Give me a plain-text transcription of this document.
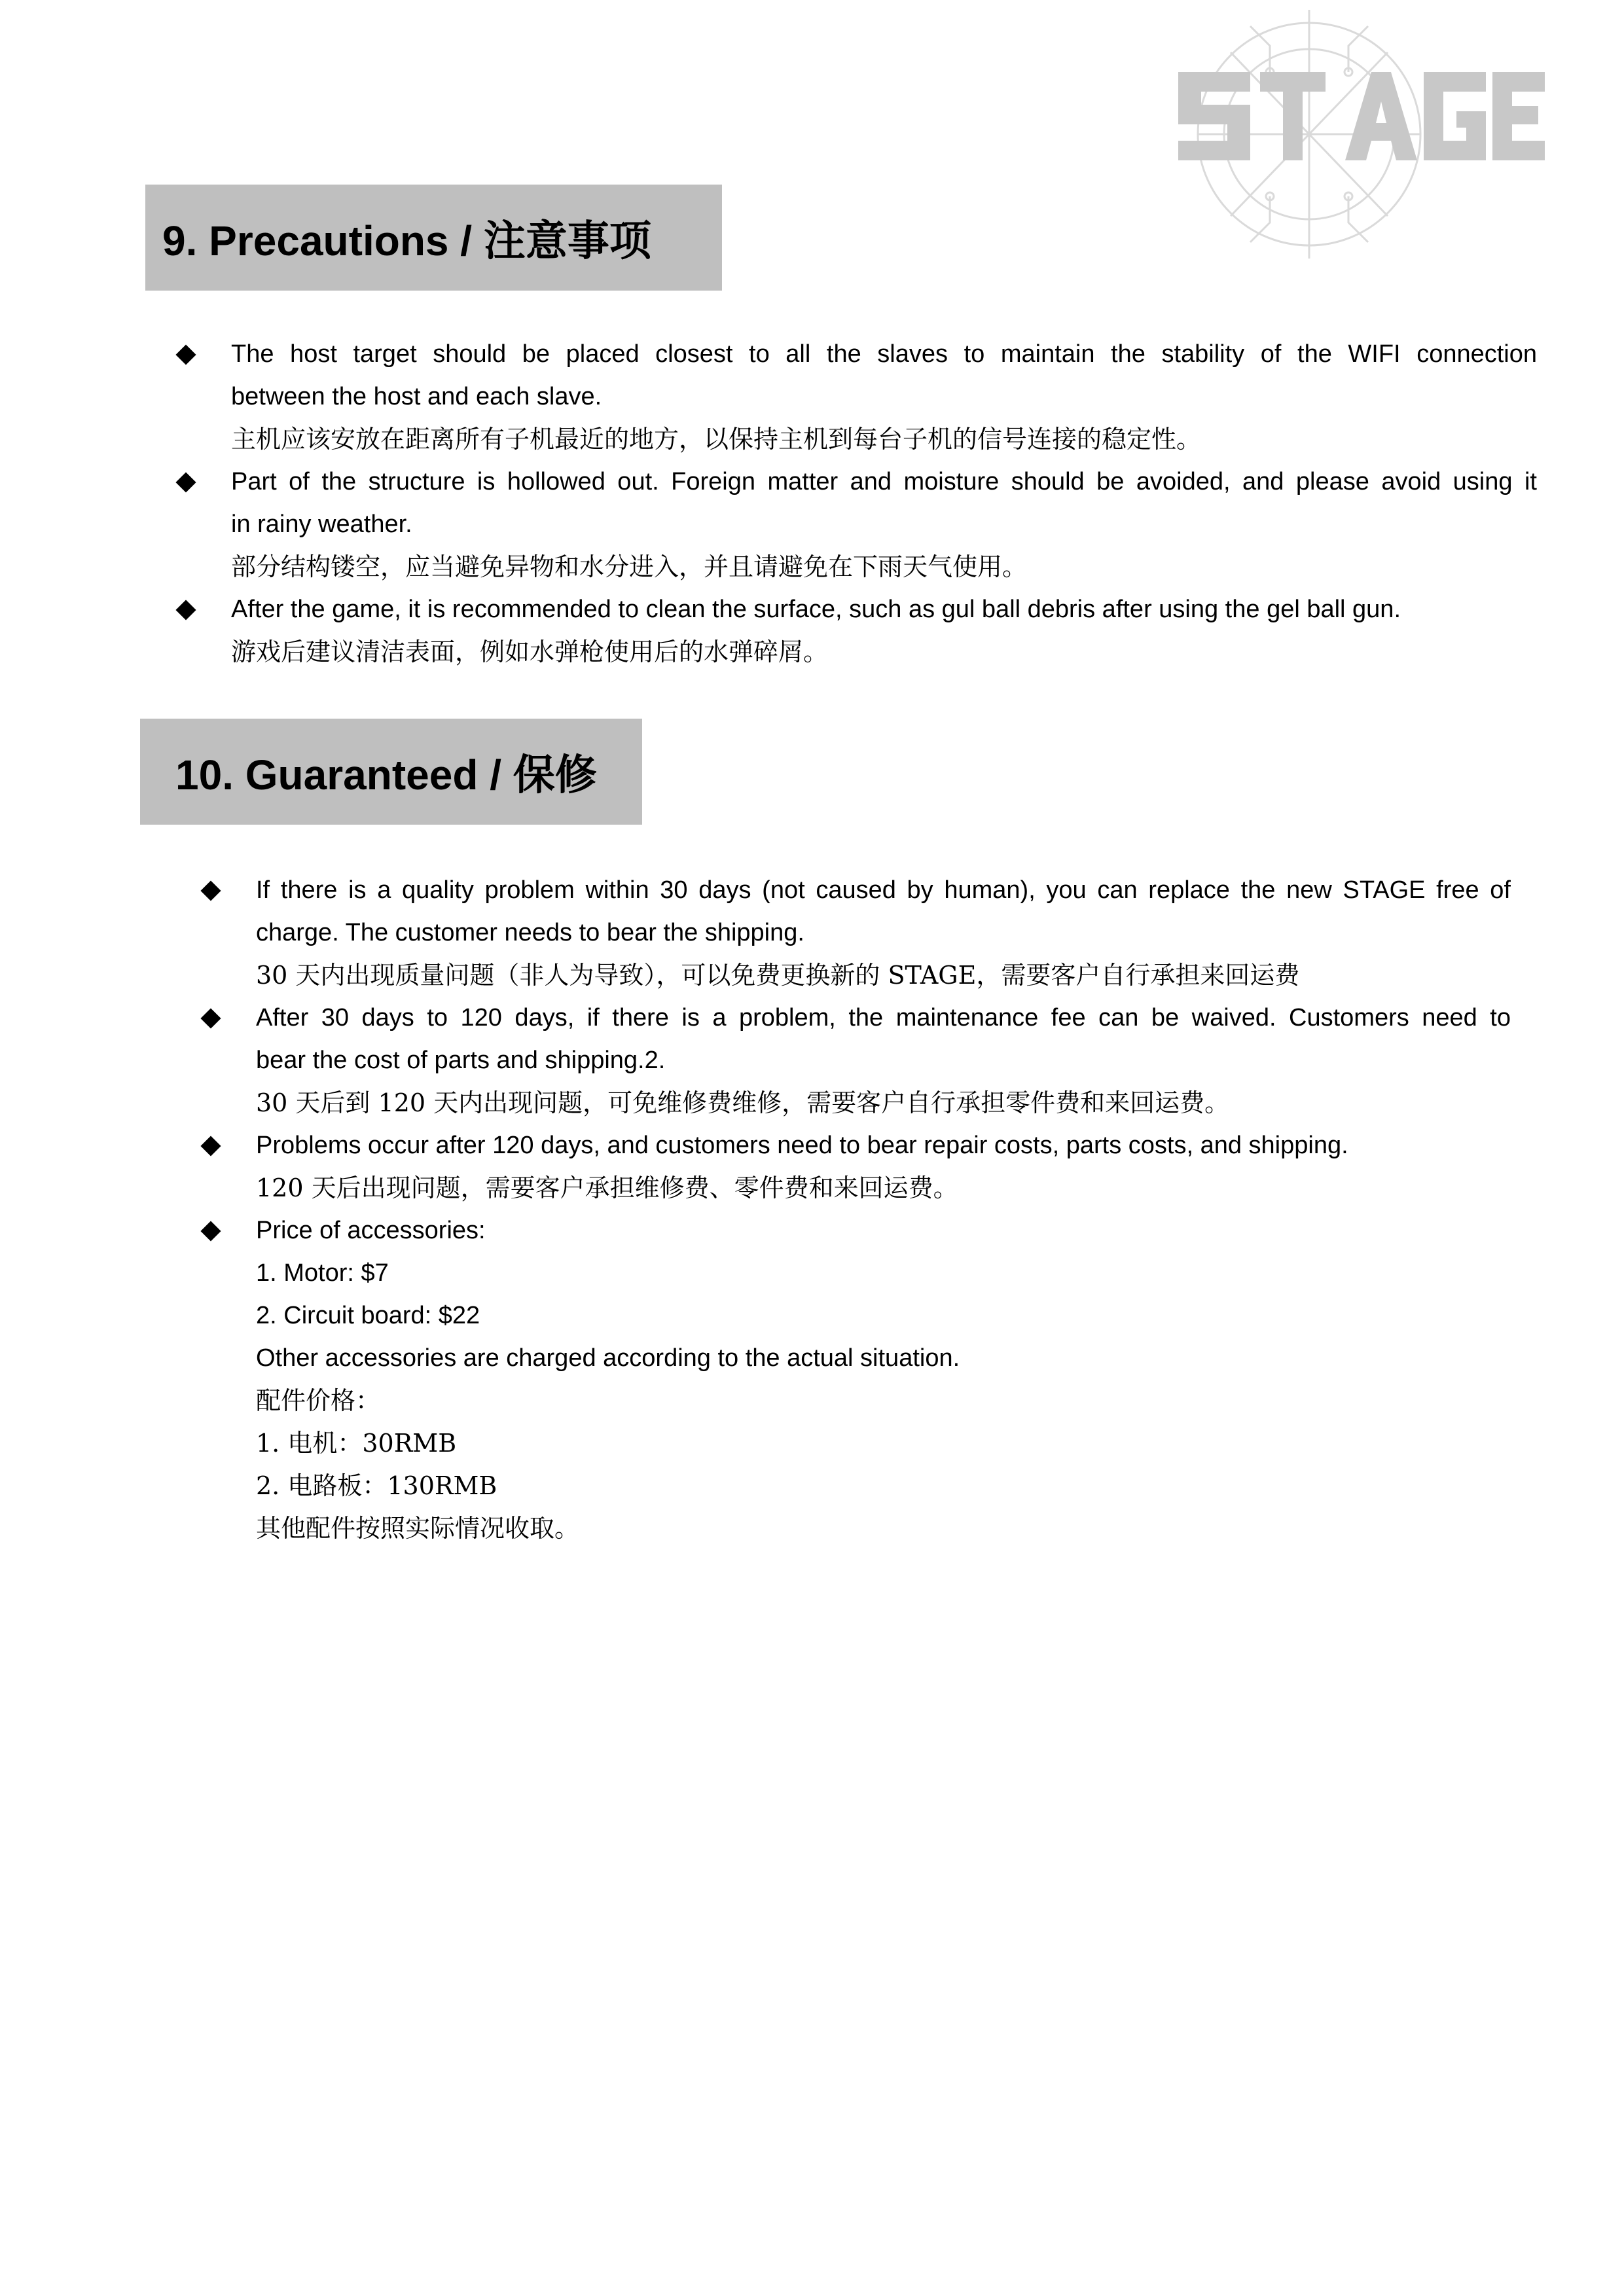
9. Precautions / 注意事项
The host target should be placed closest to all the slaves to maintain the stability of the WIFI connection
between the host and each slave.
主机应该安放在距离所有子机最近的地方，以保持主机到每台子机的信号连接的稳定性。
Part of the structure is hollowed out. Foreign matter and moisture should be avoided, and please avoid using it
in rainy weather.
部分结构镂空，应当避免异物和水分进入，并且请避免在下雨天气使用。
After the game, it is recommended to clean the surface, such as gul ball debris after using the gel ball gun.
游戏后建议清洁表面，例如水弹枪使用后的水弹碎屑。
10. Guaranteed / 保修
If there is a quality problem within 30 days (not caused by human), you can replace the new STAGE free of
charge. The customer needs to bear the shipping.
30 天内出现质量问题（非人为导致），可以免费更换新的 STAGE，需要客户自行承担来回运费
After 30 days to 120 days, if there is a problem, the maintenance fee can be waived. Customers need to
bear the cost of parts and shipping.2.
30 天后到 120 天内出现问题，可免维修费维修，需要客户自行承担零件费和来回运费。
Problems occur after 120 days, and customers need to bear repair costs, parts costs, and shipping.
120 天后出现问题，需要客户承担维修费、零件费和来回运费。
Price of accessories:
1. Motor: $7
2. Circuit board: $22
Other accessories are charged according to the actual situation.
配件价格：
1. 电机：30RMB
2. 电路板：130RMB
其他配件按照实际情况收取。
